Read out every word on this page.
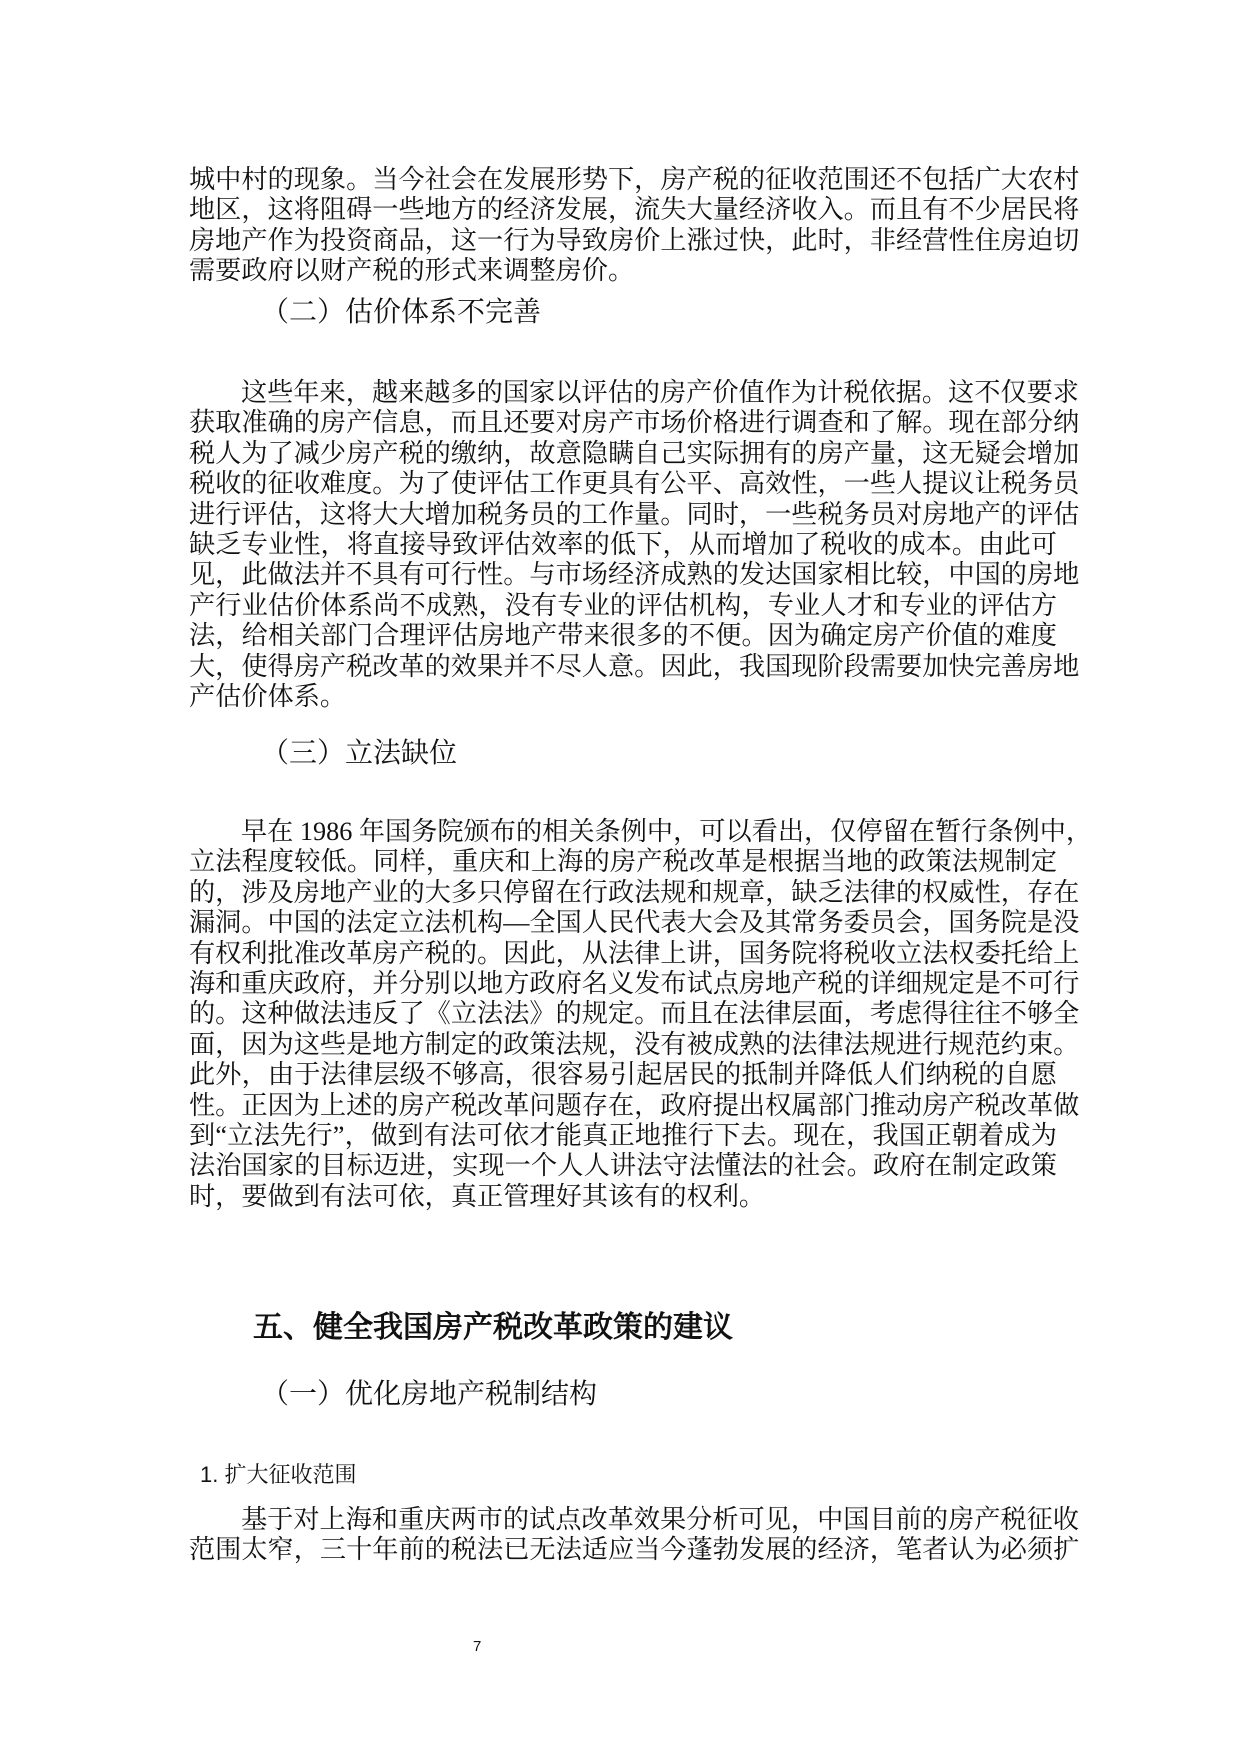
城中村的现象。当今社会在发展形势下，房产税的征收范围还不包括广大农村
地区，这将阻碍一些地方的经济发展，流失大量经济收入。而且有不少居民将
房地产作为投资商品，这一行为导致房价上涨过快，此时，非经营性住房迫切
需要政府以财产税的形式来调整房价。
（二）估价体系不完善
这些年来，越来越多的国家以评估的房产价值作为计税依据。这不仅要求
获取准确的房产信息，而且还要对房产市场价格进行调查和了解。现在部分纳
税人为了减少房产税的缴纳，故意隐瞒自己实际拥有的房产量，这无疑会增加
税收的征收难度。为了使评估工作更具有公平、高效性，一些人提议让税务员
进行评估，这将大大增加税务员的工作量。同时，一些税务员对房地产的评估
缺乏专业性，将直接导致评估效率的低下，从而增加了税收的成本。由此可
见，此做法并不具有可行性。与市场经济成熟的发达国家相比较，中国的房地
产行业估价体系尚不成熟，没有专业的评估机构，专业人才和专业的评估方
法，给相关部门合理评估房地产带来很多的不便。因为确定房产价值的难度
大，使得房产税改革的效果并不尽人意。因此，我国现阶段需要加快完善房地
产估价体系。
（三）立法缺位
早在 1986 年国务院颁布的相关条例中，可以看出，仅停留在暂行条例中，
立法程度较低。同样，重庆和上海的房产税改革是根据当地的政策法规制定
的，涉及房地产业的大多只停留在行政法规和规章，缺乏法律的权威性，存在
漏洞。中国的法定立法机构—全国人民代表大会及其常务委员会，国务院是没
有权利批准改革房产税的。因此，从法律上讲，国务院将税收立法权委托给上
海和重庆政府，并分别以地方政府名义发布试点房地产税的详细规定是不可行
的。这种做法违反了《立法法》的规定。而且在法律层面，考虑得往往不够全
面，因为这些是地方制定的政策法规，没有被成熟的法律法规进行规范约束。
此外，由于法律层级不够高，很容易引起居民的抵制并降低人们纳税的自愿
性。正因为上述的房产税改革问题存在，政府提出权属部门推动房产税改革做
到“立法先行”，做到有法可依才能真正地推行下去。现在，我国正朝着成为
法治国家的目标迈进，实现一个人人讲法守法懂法的社会。政府在制定政策
时，要做到有法可依，真正管理好其该有的权利。
五、健全我国房产税改革政策的建议
（一）优化房地产税制结构
1. 扩大征收范围
基于对上海和重庆两市的试点改革效果分析可见，中国目前的房产税征收
范围太窄，三十年前的税法已无法适应当今蓬勃发展的经济，笔者认为必须扩
7
